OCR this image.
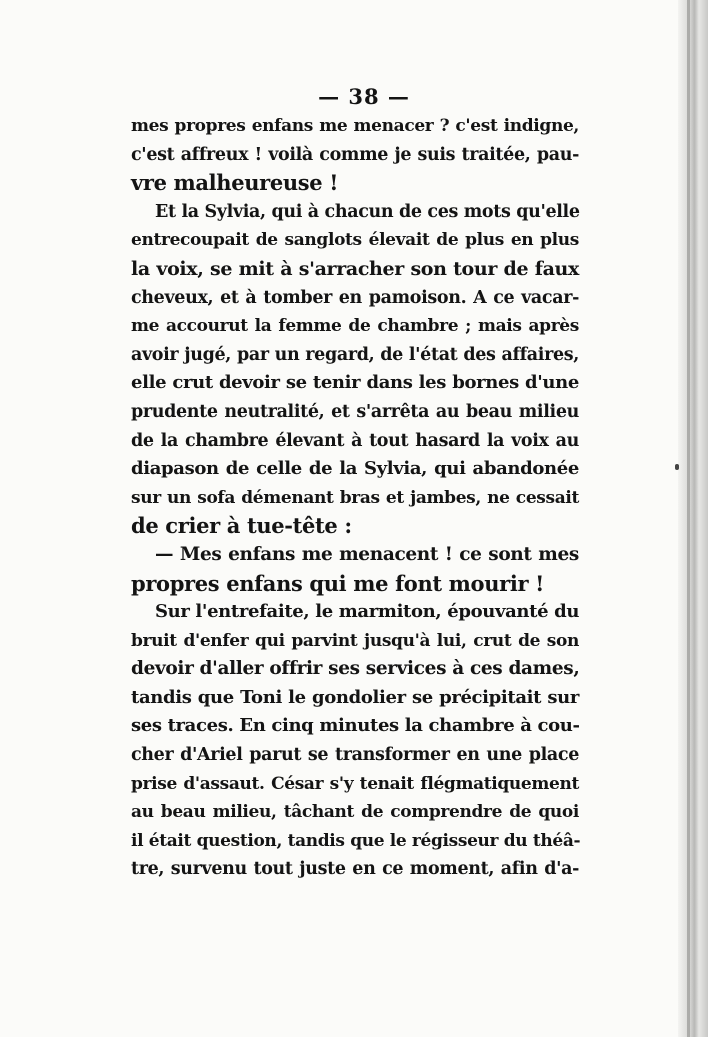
— 38 —
mes propres enfans me menacer ? c'est indigne,
c'est affreux ! voilà comme je suis traitée, pau-
vre malheureuse !
Et la Sylvia, qui à chacun de ces mots qu'elle
entrecoupait de sanglots élevait de plus en plus
la voix, se mit à s'arracher son tour de faux
cheveux, et à tomber en pamoison. A ce vacar-
me accourut la femme de chambre ; mais après
avoir jugé, par un regard, de l'état des affaires,
elle crut devoir se tenir dans les bornes d'une
prudente neutralité, et s'arrêta au beau milieu
de la chambre élevant à tout hasard la voix au
diapason de celle de la Sylvia, qui abandonée
sur un sofa démenant bras et jambes, ne cessait
de crier à tue-tête :
— Mes enfans me menacent ! ce sont mes
propres enfans qui me font mourir !
Sur l'entrefaite, le marmiton, épouvanté du
bruit d'enfer qui parvint jusqu'à lui, crut de son
devoir d'aller offrir ses services à ces dames,
tandis que Toni le gondolier se précipitait sur
ses traces. En cinq minutes la chambre à cou-
cher d'Ariel parut se transformer en une place
prise d'assaut. César s'y tenait flégmatiquement
au beau milieu, tâchant de comprendre de quoi
il était question, tandis que le régisseur du théâ-
tre, survenu tout juste en ce moment, afin d'a-
